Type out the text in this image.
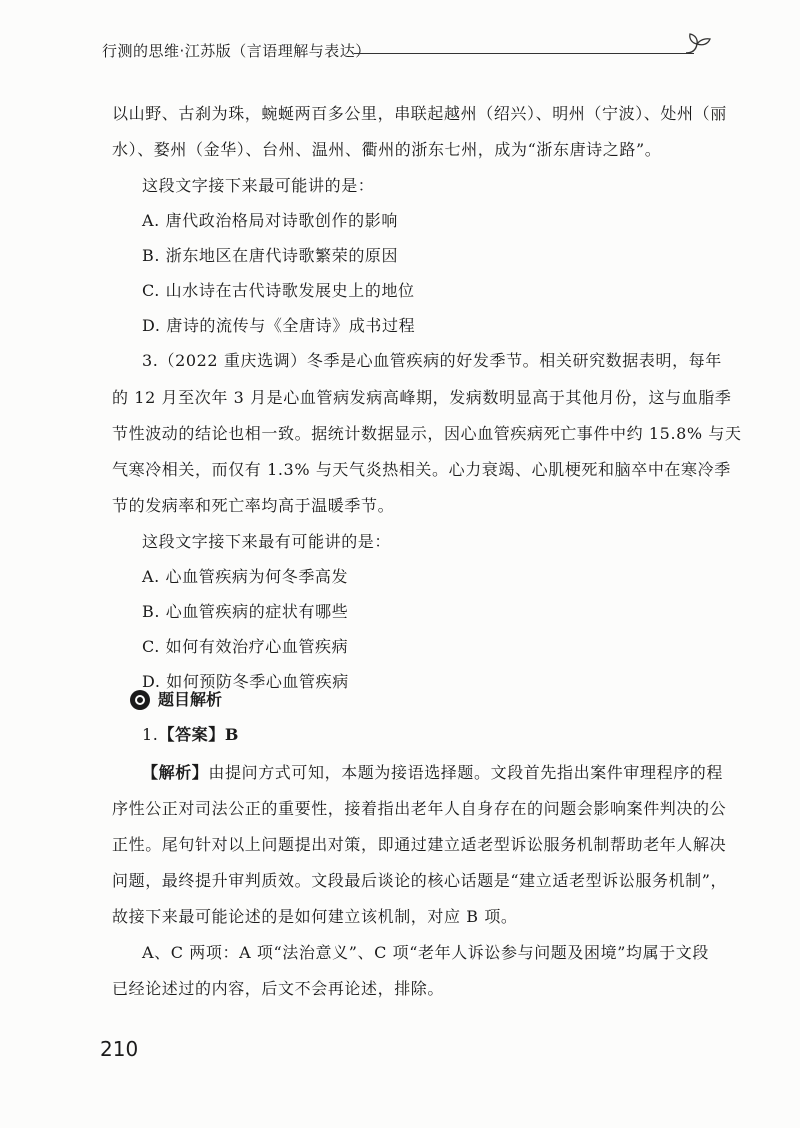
行测的思维·江苏版（言语理解与表达）
以山野、古刹为珠，蜿蜒两百多公里，串联起越州（绍兴）、明州（宁波）、处州（丽
水）、婺州（金华）、台州、温州、衢州的浙东七州，成为“浙东唐诗之路”。
这段文字接下来最可能讲的是：
A. 唐代政治格局对诗歌创作的影响
B. 浙东地区在唐代诗歌繁荣的原因
C. 山水诗在古代诗歌发展史上的地位
D. 唐诗的流传与《全唐诗》成书过程
3.（2022 重庆选调）冬季是心血管疾病的好发季节。相关研究数据表明，每年
的 12 月至次年 3 月是心血管病发病高峰期，发病数明显高于其他月份，这与血脂季
节性波动的结论也相一致。据统计数据显示，因心血管疾病死亡事件中约 15.8% 与天
气寒冷相关，而仅有 1.3% 与天气炎热相关。心力衰竭、心肌梗死和脑卒中在寒冷季
节的发病率和死亡率均高于温暖季节。
这段文字接下来最有可能讲的是：
A. 心血管疾病为何冬季高发
B. 心血管疾病的症状有哪些
C. 如何有效治疗心血管疾病
D. 如何预防冬季心血管疾病
题目解析
1.【答案】B
【解析】由提问方式可知，本题为接语选择题。文段首先指出案件审理程序的程
序性公正对司法公正的重要性，接着指出老年人自身存在的问题会影响案件判决的公
正性。尾句针对以上问题提出对策，即通过建立适老型诉讼服务机制帮助老年人解决
问题，最终提升审判质效。文段最后谈论的核心话题是“建立适老型诉讼服务机制”，
故接下来最可能论述的是如何建立该机制，对应 B 项。
A、C 两项：A 项“法治意义”、C 项“老年人诉讼参与问题及困境”均属于文段
已经论述过的内容，后文不会再论述，排除。
210
